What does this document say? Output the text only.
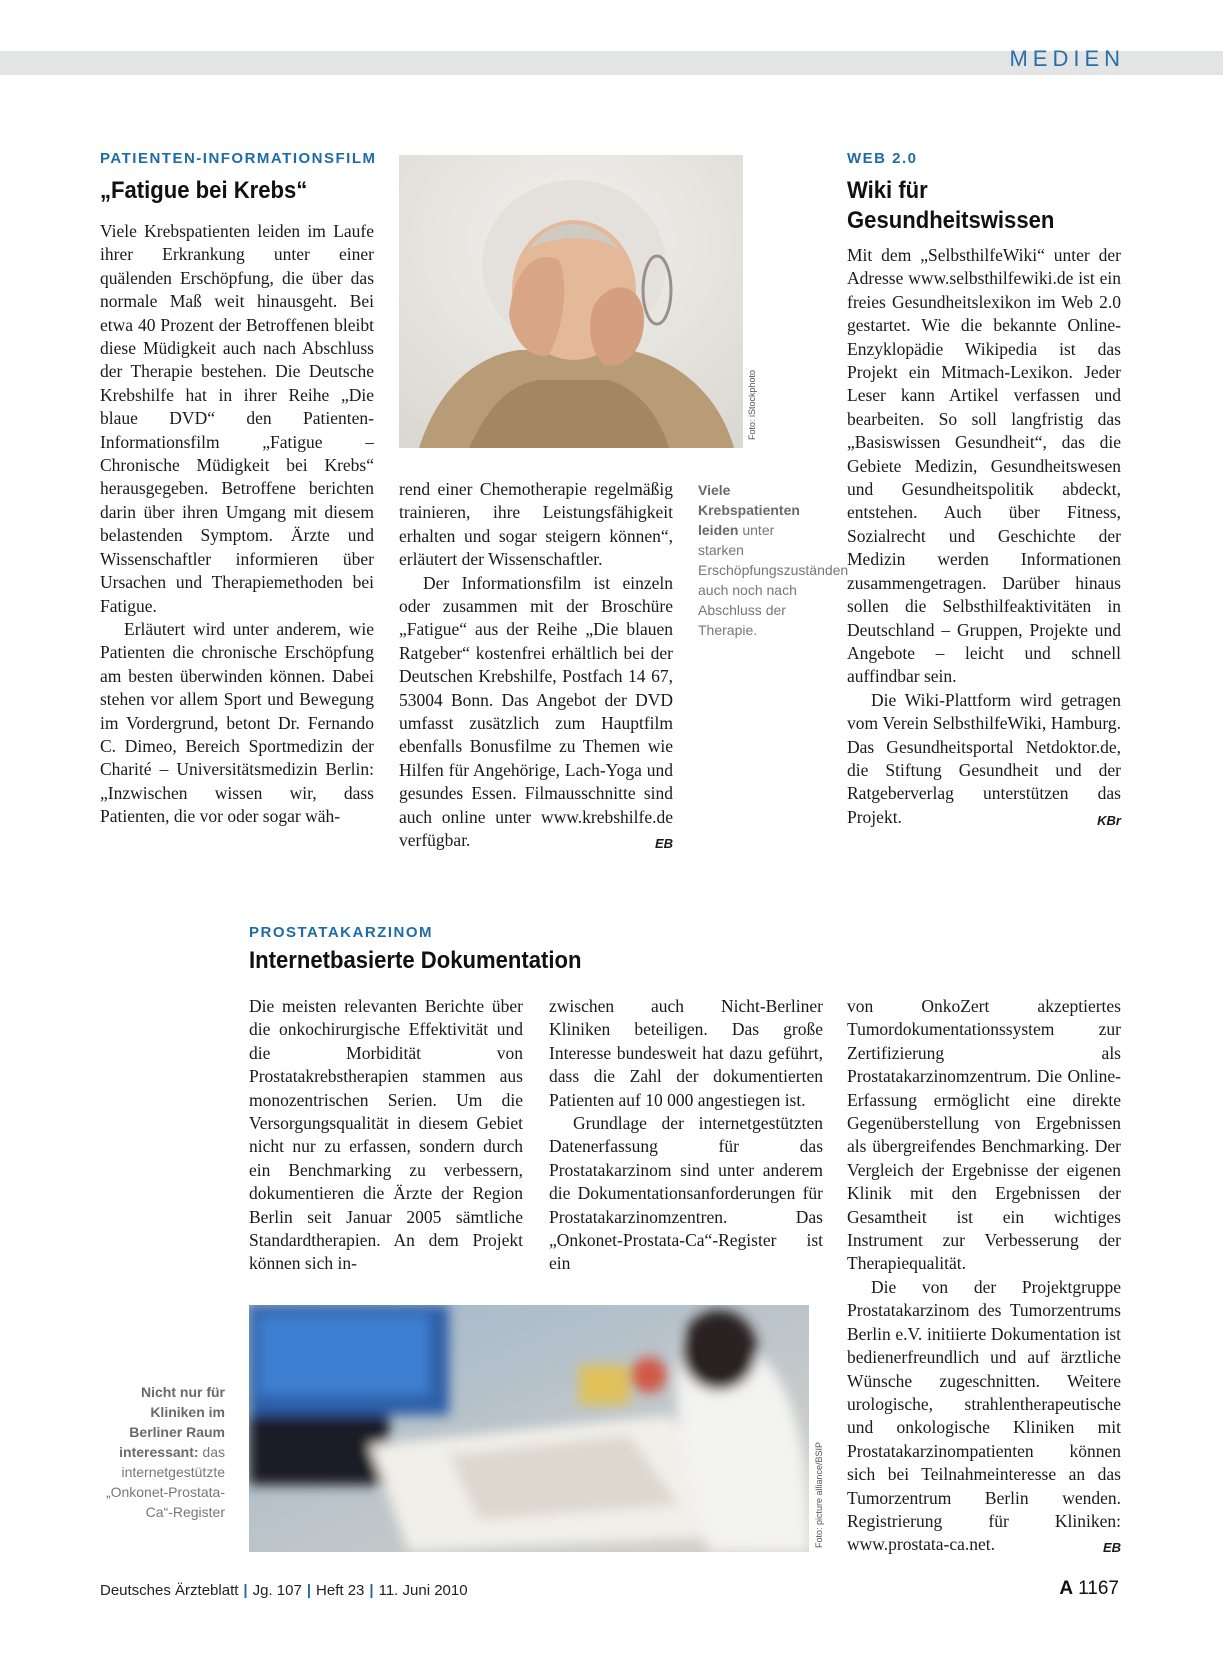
MEDIEN
PATIENTEN-INFORMATIONSFILM
„Fatigue bei Krebs“

Viele Krebspatienten leiden im Laufe ihrer Erkrankung unter einer quälenden Erschöpfung, die über das normale Maß weit hinausgeht. Bei etwa 40 Prozent der Betroffenen bleibt diese Müdigkeit auch nach Abschluss der Therapie bestehen. Die Deutsche Krebshilfe hat in ihrer Reihe „Die blaue DVD“ den Patienten-Informationsfilm „Fatigue – Chronische Müdigkeit bei Krebs“ herausgegeben. Betroffene berichten darin über ihren Umgang mit diesem belastenden Symptom. Ärzte und Wissenschaftler informieren über Ursachen und Therapiemethoden bei Fatigue.

Erläutert wird unter anderem, wie Patienten die chronische Erschöpfung am besten überwinden können. Dabei stehen vor allem Sport und Bewegung im Vordergrund, betont Dr. Fernando C. Dimeo, Bereich Sportmedizin der Charité – Universitätsmedizin Berlin: „Inzwischen wissen wir, dass Patienten, die vor oder sogar wäh-

Foto: iStockphoto

rend einer Chemotherapie regelmäßig trainieren, ihre Leistungsfähigkeit erhalten und sogar steigern können“, erläutert der Wissenschaftler.

Der Informationsfilm ist einzeln oder zusammen mit der Broschüre „Fatigue“ aus der Reihe „Die blauen Ratgeber“ kostenfrei erhältlich bei der Deutschen Krebshilfe, Postfach 14 67, 53004 Bonn. Das Angebot der DVD umfasst zusätzlich zum Hauptfilm ebenfalls Bonusfilme zu Themen wie Hilfen für Angehörige, Lach-Yoga und gesundes Essen. Filmausschnitte sind auch online unter www.krebshilfe.de verfügbar.	EB

Viele Krebspatienten leiden unter starken Erschöpfungszuständen auch noch nach Abschluss der Therapie.
WEB 2.0
Wiki für
Gesundheitswissen

Mit dem „SelbsthilfeWiki“ unter der Adresse www.selbsthilfewiki.de ist ein freies Gesundheitslexikon im Web 2.0 gestartet. Wie die bekannte Online-Enzyklopädie Wikipedia ist das Projekt ein Mitmach-Lexikon. Jeder Leser kann Artikel verfassen und bearbeiten. So soll langfristig das „Basiswissen Gesundheit“, das die Gebiete Medizin, Gesundheitswesen und Gesundheitspolitik abdeckt, entstehen. Auch über Fitness, Sozialrecht und Geschichte der Medizin werden Informationen zusammengetragen. Darüber hinaus sollen die Selbsthilfeaktivitäten in Deutschland – Gruppen, Projekte und Angebote – leicht und schnell auffindbar sein.

Die Wiki-Plattform wird getragen vom Verein SelbsthilfeWiki, Hamburg. Das Gesundheitsportal Netdoktor.de, die Stiftung Gesundheit und der Ratgeberverlag unterstützen das Projekt.	KBr

PROSTATAKARZINOM
Internetbasierte Dokumentation

Die meisten relevanten Berichte über die onkochirurgische Effektivität und die Morbidität von Prostatakrebstherapien stammen aus monozentrischen Serien. Um die Versorgungsqualität in diesem Gebiet nicht nur zu erfassen, sondern durch ein Benchmarking zu verbessern, dokumentieren die Ärzte der Region Berlin seit Januar 2005 sämtliche Standardtherapien. An dem Projekt können sich in-

zwischen auch Nicht-Berliner Kliniken beteiligen. Das große Interesse bundesweit hat dazu geführt, dass die Zahl der dokumentierten Patienten auf 10 000 angestiegen ist.

Grundlage der internetgestützten Datenerfassung für das Prostatakarzinom sind unter anderem die Dokumentationsanforderungen für Prostatakarzinomzentren. Das „Onkonet-Prostata-Ca“-Register ist ein

von OnkoZert akzeptiertes Tumordokumentationssystem zur Zertifizierung als Prostatakarzinomzentrum. Die Online-Erfassung ermöglicht eine direkte Gegenüberstellung von Ergebnissen als übergreifendes Benchmarking. Der Vergleich der Ergebnisse der eigenen Klinik mit den Ergebnissen der Gesamtheit ist ein wichtiges Instrument zur Verbesserung der Therapiequalität.

Die von der Projektgruppe Prostatakarzinom des Tumorzentrums Berlin e.V. initiierte Dokumentation ist bedienerfreundlich und auf ärztliche Wünsche zugeschnitten. Weitere urologische, strahlentherapeutische und onkologische Kliniken mit Prostatakarzinompatienten können sich bei Teilnahmeinteresse an das Tumorzentrum Berlin wenden. Registrierung für Kliniken: www.prostata-ca.net.	EB

Foto: picture alliance/BSIP
Nicht nur für Kliniken im Berliner Raum interessant: das internetgestützte „Onkonet-Prostata-Ca“-Register
Deutsches Ärzteblatt | Jg. 107 | Heft 23 | 11. Juni 2010	A 1167
